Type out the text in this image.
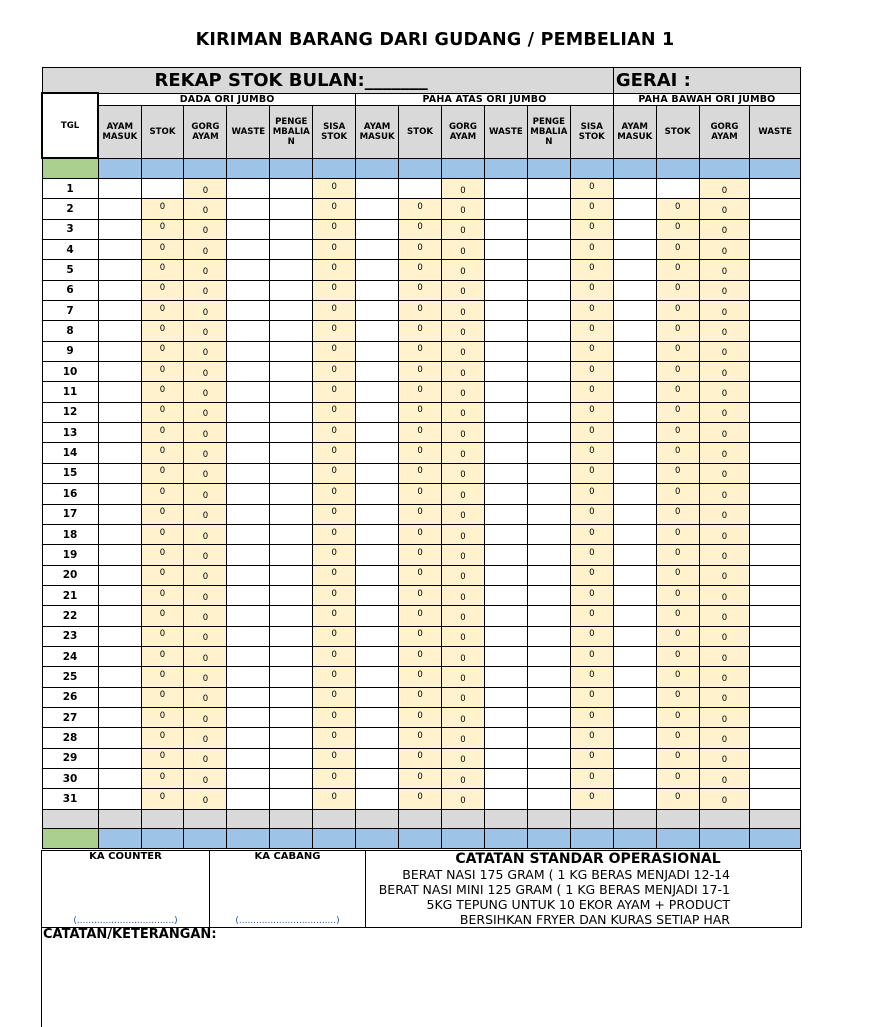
KIRIMAN BARANG DARI GUDANG / PEMBELIAN 1
REKAP STOK BULAN:_______													GERAI :			
TGL	DADA ORI JUMBO						PAHA ATAS ORI JUMBO						PAHA BAWAH ORI JUMBO			
	AYAM MASUK	STOK	GORG AYAM	WASTE	PENGE MBALIA N	SISA STOK	AYAM MASUK	STOK	GORG AYAM	WASTE	PENGE MBALIA N	SISA STOK	AYAM MASUK	STOK	GORG AYAM	WASTE

1			0			0			0			0			0	
2		0	0			0		0	0			0		0	0	
3		0	0			0		0	0			0		0	0	
4		0	0			0		0	0			0		0	0	
5		0	0			0		0	0			0		0	0	
6		0	0			0		0	0			0		0	0	
7		0	0			0		0	0			0		0	0	
8		0	0			0		0	0			0		0	0	
9		0	0			0		0	0			0		0	0	
10		0	0			0		0	0			0		0	0	
11		0	0			0		0	0			0		0	0	
12		0	0			0		0	0			0		0	0	
13		0	0			0		0	0			0		0	0	
14		0	0			0		0	0			0		0	0	
15		0	0			0		0	0			0		0	0	
16		0	0			0		0	0			0		0	0	
17		0	0			0		0	0			0		0	0	
18		0	0			0		0	0			0		0	0	
19		0	0			0		0	0			0		0	0	
20		0	0			0		0	0			0		0	0	
21		0	0			0		0	0			0		0	0	
22		0	0			0		0	0			0		0	0	
23		0	0			0		0	0			0		0	0	
24		0	0			0		0	0			0		0	0	
25		0	0			0		0	0			0		0	0	
26		0	0			0		0	0			0		0	0	
27		0	0			0		0	0			0		0	0	
28		0	0			0		0	0			0		0	0	
29		0	0			0		0	0			0		0	0	
30		0	0			0		0	0			0		0	0	
31		0	0			0		0	0			0		0	0	

KA COUNTER
(..................................)

KA CABANG
(..................................)

CATATAN STANDAR OPERASIONAL
BERAT NASI 175 GRAM ( 1 KG BERAS MENJADI 12-14
BERAT NASI MINI 125 GRAM ( 1 KG BERAS MENJADI 17-1
5KG TEPUNG UNTUK 10 EKOR AYAM + PRODUCT
BERSIHKAN FRYER DAN KURAS SETIAP HAR
CATATAN/KETERANGAN:
